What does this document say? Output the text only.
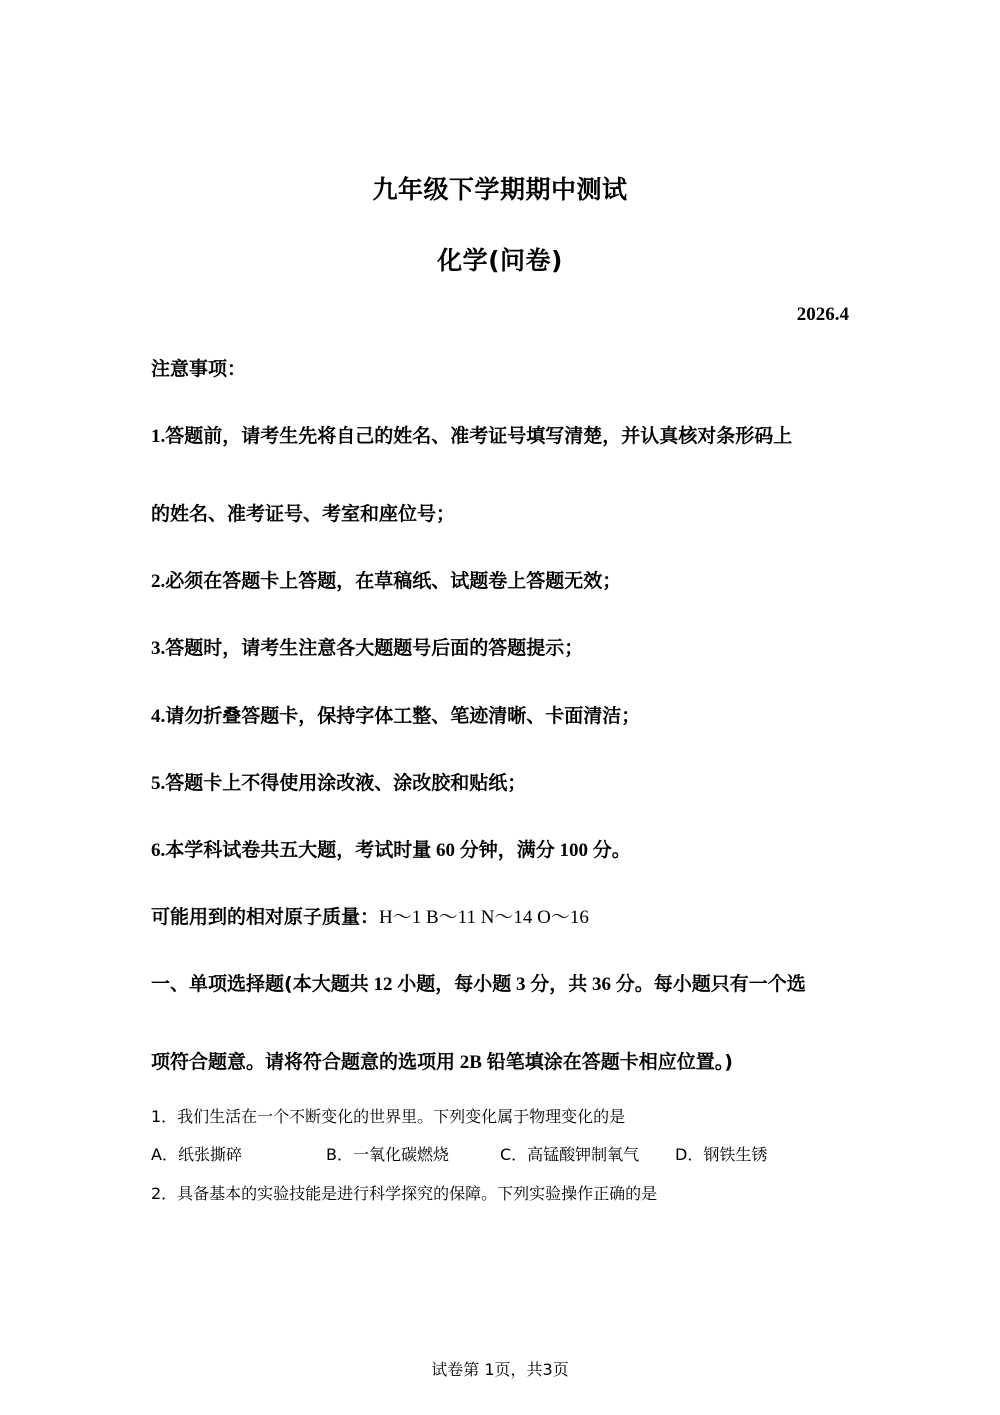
九年级下学期期中测试
化学(问卷)
2026.4
注意事项：
1.答题前，请考生先将自己的姓名、准考证号填写清楚，并认真核对条形码上
的姓名、准考证号、考室和座位号；
2.必须在答题卡上答题，在草稿纸、试题卷上答题无效；
3.答题时，请考生注意各大题题号后面的答题提示；
4.请勿折叠答题卡，保持字体工整、笔迹清晰、卡面清洁；
5.答题卡上不得使用涂改液、涂改胶和贴纸；
6.本学科试卷共五大题，考试时量 60 分钟，满分 100 分。
可能用到的相对原子质量：H～1 B～11 N～14 O～16
一、单项选择题(本大题共 12 小题，每小题 3 分，共 36 分。每小题只有一个选
项符合题意。请将符合题意的选项用 2B 铅笔填涂在答题卡相应位置。)
1．我们生活在一个不断变化的世界里。下列变化属于物理变化的是
A．纸张撕碎	B．一氧化碳燃烧	C．高锰酸钾制氧气 D．钢铁生锈
2．具备基本的实验技能是进行科学探究的保障。下列实验操作正确的是
试卷第 1页，共3页
